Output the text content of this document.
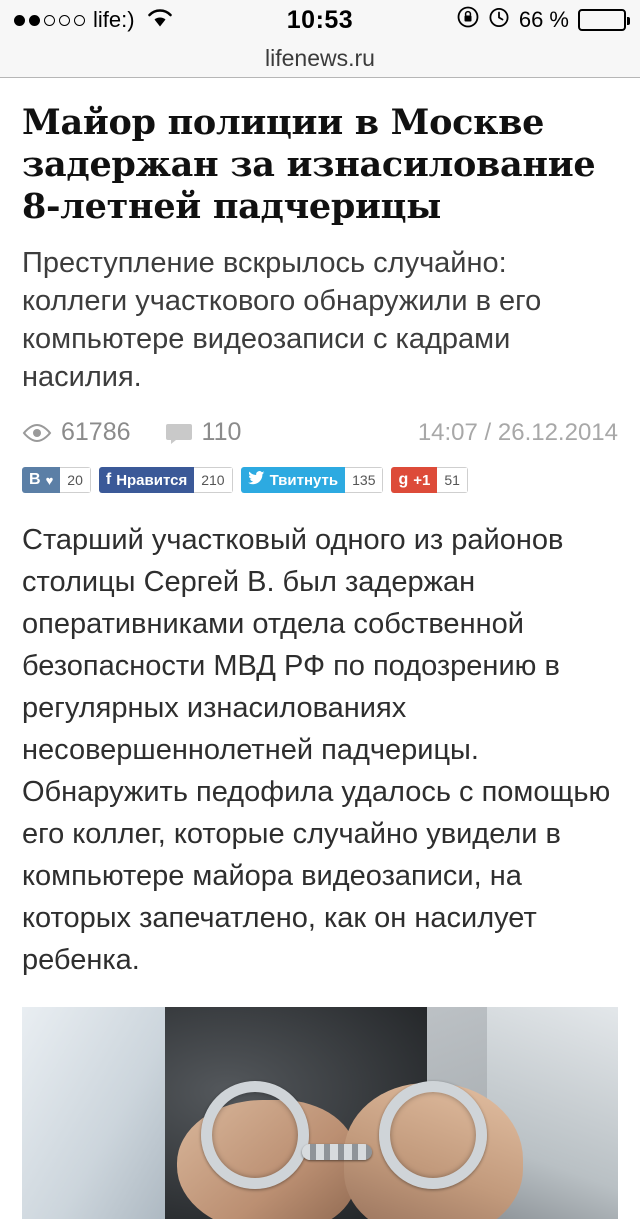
life:)	10:53	66 %
lifenews.ru
Майор полиции в Москве задержан за изнасилование 8-летней падчерицы

Преступление вскрылось случайно: коллеги участкового обнаружили в его компьютере видеозаписи с кадрами насилия.

61786	110	14:07 / 26.12.2014
B ♥	20	f Нравится	210	Твитнуть	135	g +1	51

Старший участковый одного из районов столицы Сергей В. был задержан оперативниками отдела собственной безопасности МВД РФ по подозрению в регулярных изнасилованиях несовершеннолетней падчерицы. Обнаружить педофила удалось с помощью его коллег, которые случайно увидели в компьютере майора видеозаписи, на которых запечатлено, как он насилует ребенка.
